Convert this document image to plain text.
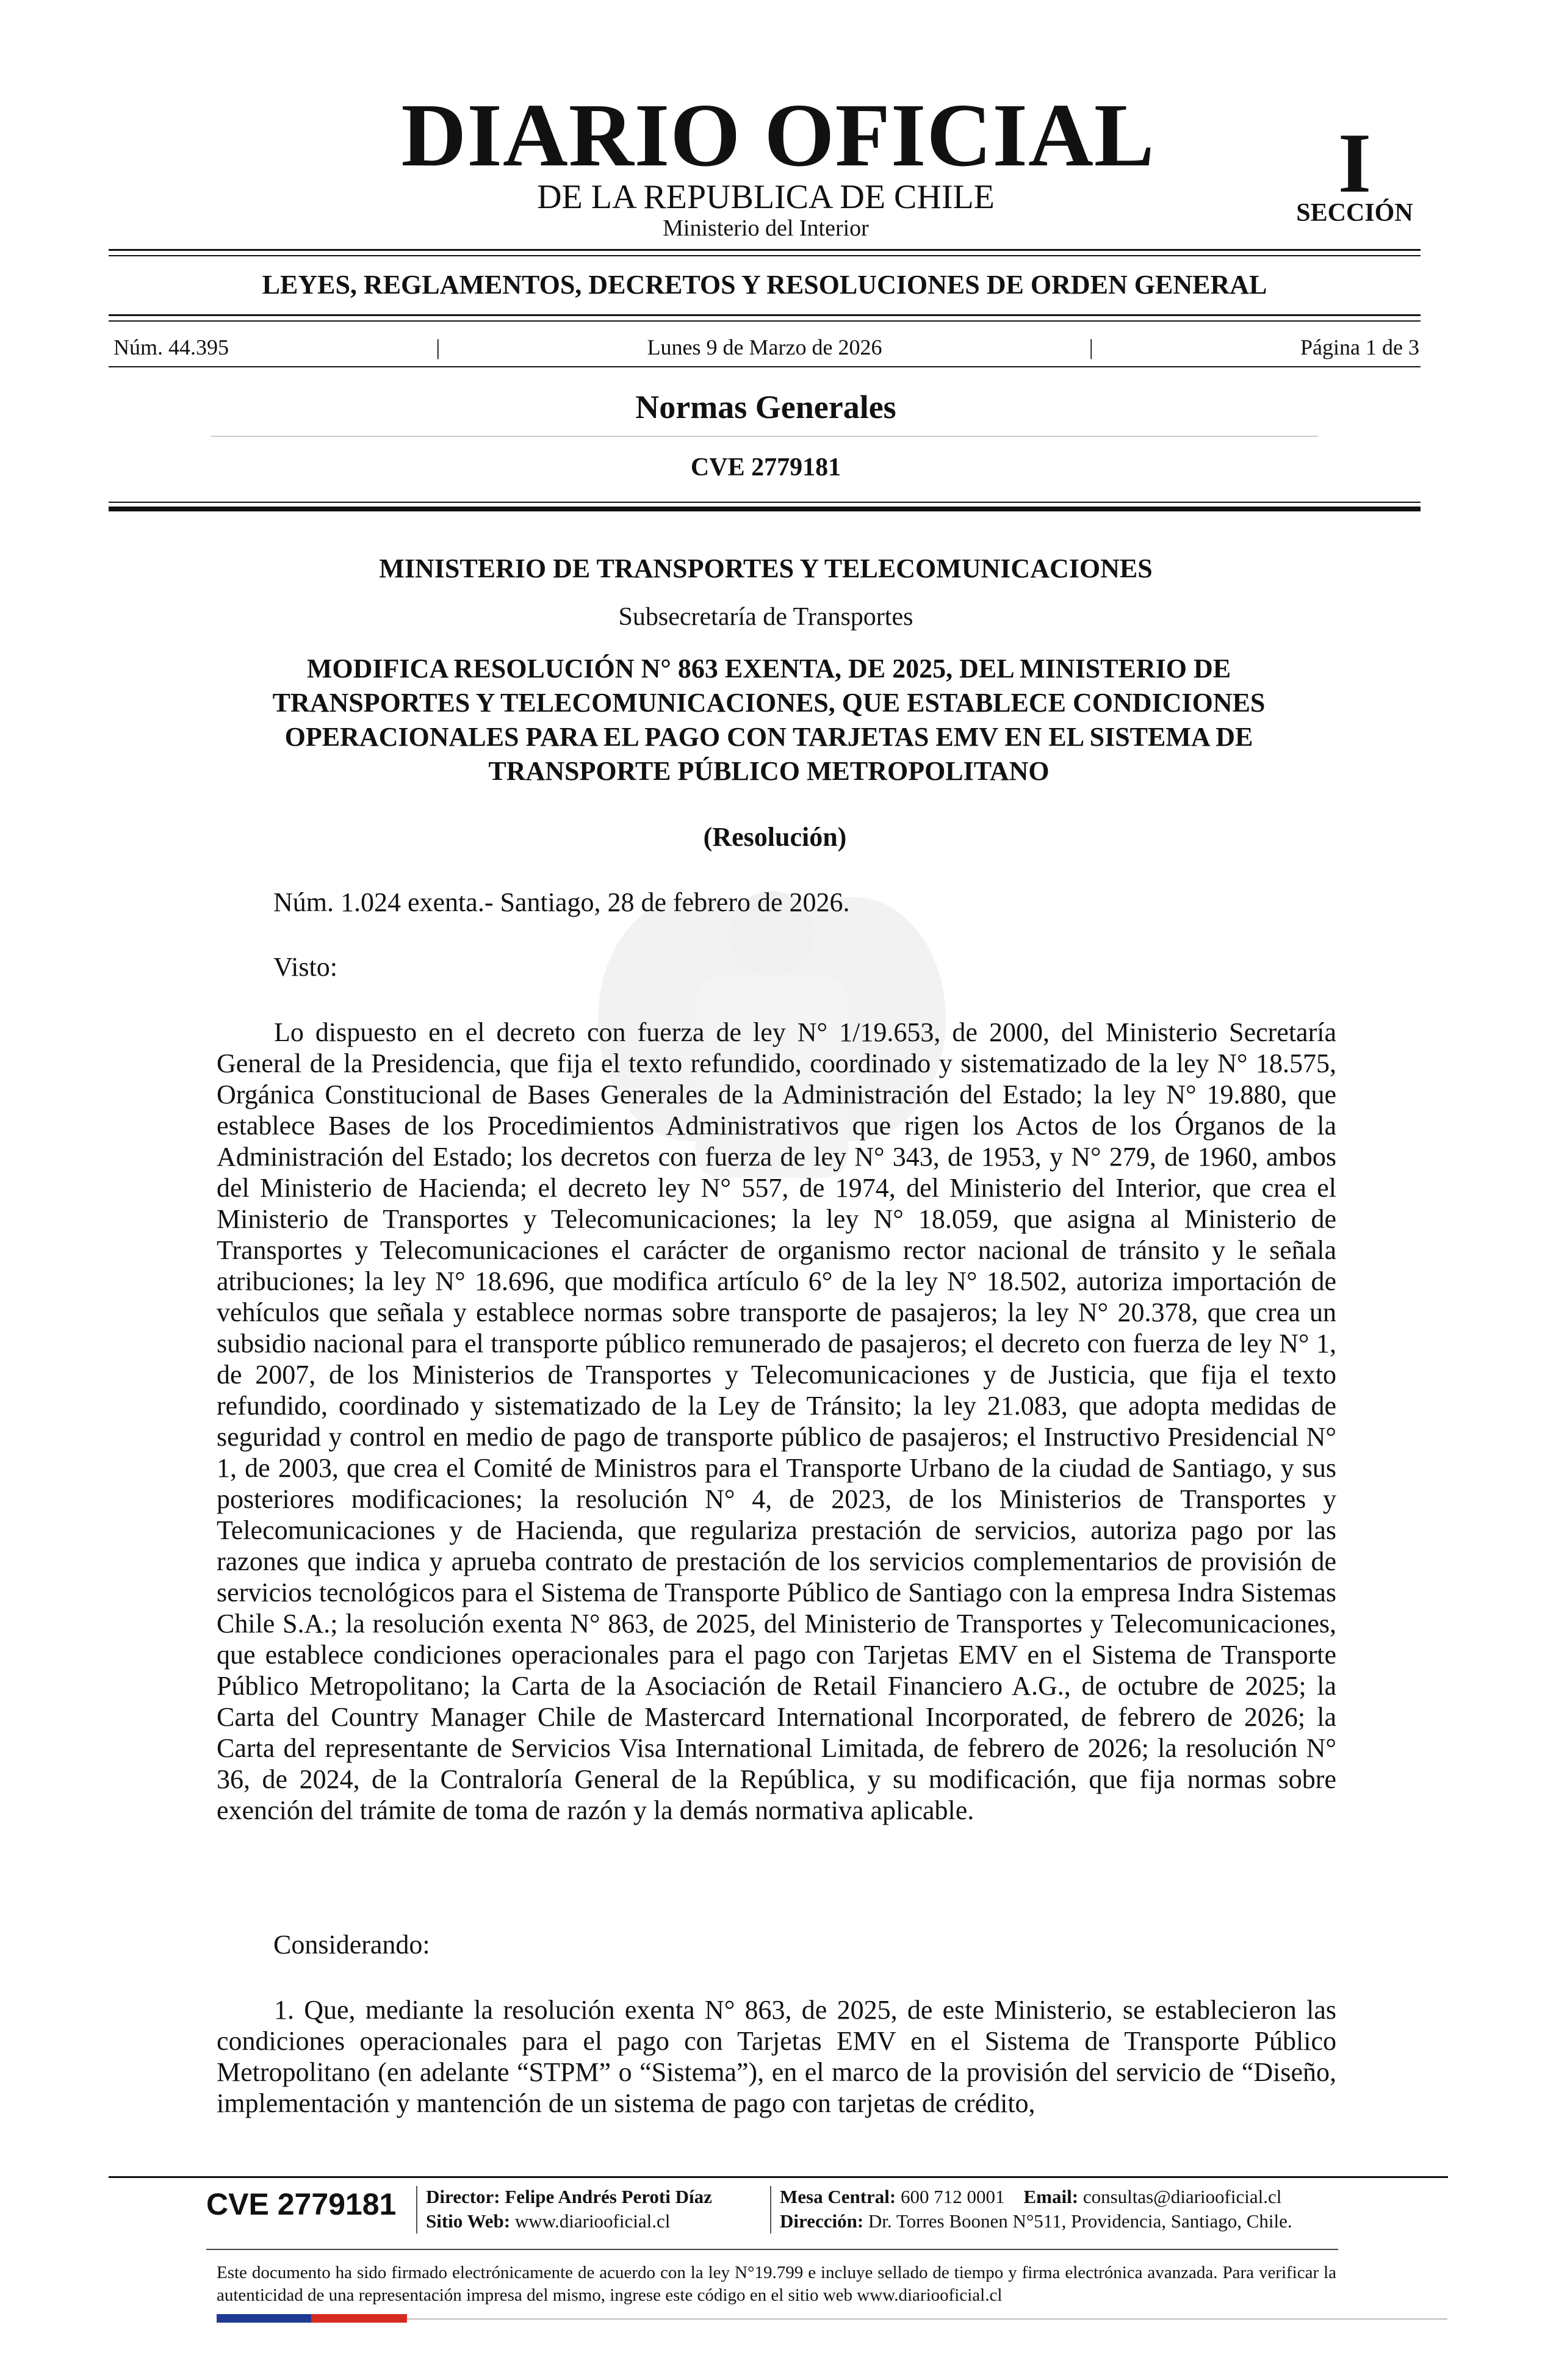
DIARIO OFICIAL
DE LA REPUBLICA DE CHILE
Ministerio del Interior
I
SECCIÓN
LEYES, REGLAMENTOS, DECRETOS Y RESOLUCIONES DE ORDEN GENERAL
Núm. 44.395	|	Lunes 9 de Marzo de 2026	|	Página 1 de 3
Normas Generales
CVE 2779181
MINISTERIO DE TRANSPORTES Y TELECOMUNICACIONES
Subsecretaría de Transportes
MODIFICA RESOLUCIÓN N° 863 EXENTA, DE 2025, DEL MINISTERIO DE TRANSPORTES Y TELECOMUNICACIONES, QUE ESTABLECE CONDICIONES OPERACIONALES PARA EL PAGO CON TARJETAS EMV EN EL SISTEMA DE TRANSPORTE PÚBLICO METROPOLITANO
(Resolución)
Núm. 1.024 exenta.- Santiago, 28 de febrero de 2026.
Visto:
Lo dispuesto en el decreto con fuerza de ley N° 1/19.653, de 2000, del Ministerio Secretaría General de la Presidencia, que fija el texto refundido, coordinado y sistematizado de la ley N° 18.575, Orgánica Constitucional de Bases Generales de la Administración del Estado; la ley N° 19.880, que establece Bases de los Procedimientos Administrativos que rigen los Actos de los Órganos de la Administración del Estado; los decretos con fuerza de ley N° 343, de 1953, y N° 279, de 1960, ambos del Ministerio de Hacienda; el decreto ley N° 557, de 1974, del Ministerio del Interior, que crea el Ministerio de Transportes y Telecomunicaciones; la ley N° 18.059, que asigna al Ministerio de Transportes y Telecomunicaciones el carácter de organismo rector nacional de tránsito y le señala atribuciones; la ley N° 18.696, que modifica artículo 6° de la ley N° 18.502, autoriza importación de vehículos que señala y establece normas sobre transporte de pasajeros; la ley N° 20.378, que crea un subsidio nacional para el transporte público remunerado de pasajeros; el decreto con fuerza de ley N° 1, de 2007, de los Ministerios de Transportes y Telecomunicaciones y de Justicia, que fija el texto refundido, coordinado y sistematizado de la Ley de Tránsito; la ley 21.083, que adopta medidas de seguridad y control en medio de pago de transporte público de pasajeros; el Instructivo Presidencial N° 1, de 2003, que crea el Comité de Ministros para el Transporte Urbano de la ciudad de Santiago, y sus posteriores modificaciones; la resolución N° 4, de 2023, de los Ministerios de Transportes y Telecomunicaciones y de Hacienda, que regulariza prestación de servicios, autoriza pago por las razones que indica y aprueba contrato de prestación de los servicios complementarios de provisión de servicios tecnológicos para el Sistema de Transporte Público de Santiago con la empresa Indra Sistemas Chile S.A.; la resolución exenta N° 863, de 2025, del Ministerio de Transportes y Telecomunicaciones, que establece condiciones operacionales para el pago con Tarjetas EMV en el Sistema de Transporte Público Metropolitano; la Carta de la Asociación de Retail Financiero A.G., de octubre de 2025; la Carta del Country Manager Chile de Mastercard International Incorporated, de febrero de 2026; la Carta del representante de Servicios Visa International Limitada, de febrero de 2026; la resolución N° 36, de 2024, de la Contraloría General de la República, y su modificación, que fija normas sobre exención del trámite de toma de razón y la demás normativa aplicable.
Considerando:
1. Que, mediante la resolución exenta N° 863, de 2025, de este Ministerio, se establecieron las condiciones operacionales para el pago con Tarjetas EMV en el Sistema de Transporte Público Metropolitano (en adelante “STPM” o “Sistema”), en el marco de la provisión del servicio de “Diseño, implementación y mantención de un sistema de pago con tarjetas de crédito,
CVE 2779181	Director: Felipe Andrés Peroti Díaz
Sitio Web: www.diariooficial.cl
Mesa Central: 600 712 0001 Email: consultas@diariooficial.cl
Dirección: Dr. Torres Boonen N°511, Providencia, Santiago, Chile.
Este documento ha sido firmado electrónicamente de acuerdo con la ley N°19.799 e incluye sellado de tiempo y firma electrónica avanzada. Para verificar la autenticidad de una representación impresa del mismo, ingrese este código en el sitio web www.diariooficial.cl
